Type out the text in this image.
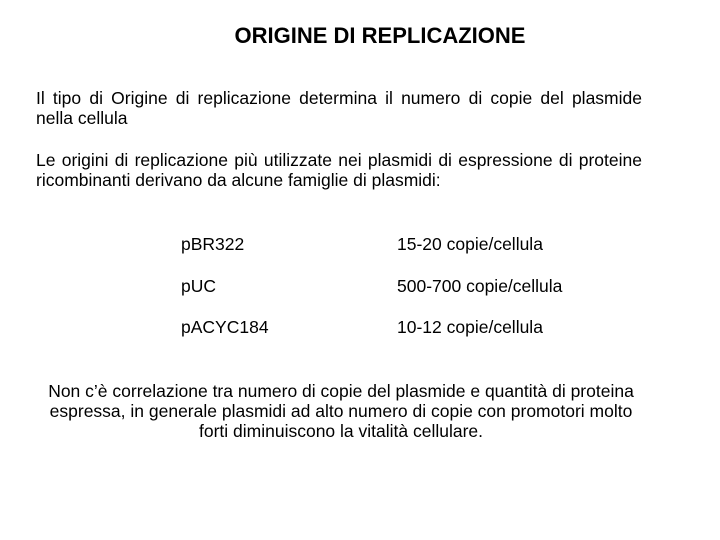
ORIGINE DI REPLICAZIONE
Il tipo di Origine di replicazione determina il numero di copie del plasmide nella cellula
Le origini di replicazione più utilizzate nei plasmidi di espressione di proteine ricombinanti derivano da alcune famiglie di plasmidi:
pBR322	15-20 copie/cellula
pUC	500-700 copie/cellula
pACYC184	10-12 copie/cellula
Non c’è correlazione tra numero di copie del plasmide e quantità di proteina espressa, in generale plasmidi ad alto numero di copie con promotori molto forti diminuiscono la vitalità cellulare.
